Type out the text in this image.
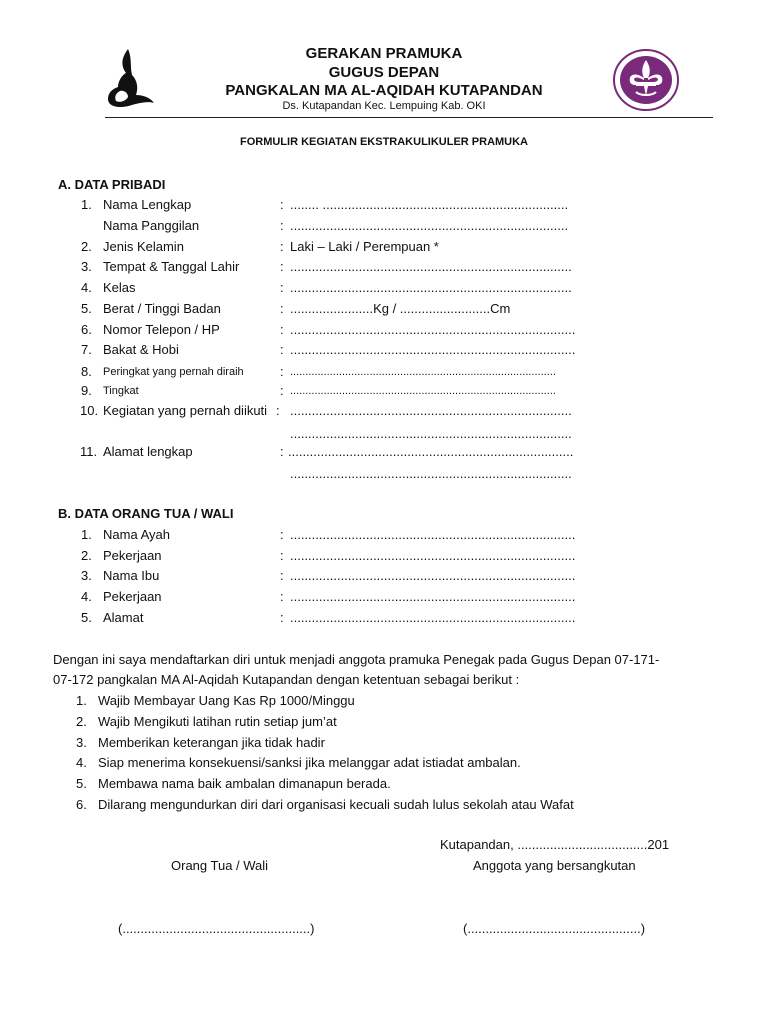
GERAKAN PRAMUKA
GUGUS DEPAN
PANGKALAN MA AL-AQIDAH KUTAPANDAN
Ds. Kutapandan Kec. Lempuing Kab. OKI
FORMULIR KEGIATAN EKSTRAKULIKULER PRAMUKA
A. DATA PRIBADI
1. Nama Lengkap	: ........ ....................................................................
Nama Panggilan	: .............................................................................
2. Jenis Kelamin	: Laki – Laki / Perempuan *
3. Tempat & Tanggal Lahir	: ..............................................................................
4. Kelas	: ..............................................................................
5. Berat / Tinggi Badan	: .......................Kg / .........................Cm
6. Nomor Telepon / HP	: ...............................................................................
7. Bakat & Hobi	: ...............................................................................
8. Peringkat yang pernah diraih	: .......................................................................................
9. Tingkat	: .......................................................................................
10. Kegiatan yang pernah diikuti : ..............................................................................
..............................................................................
11. Alamat lengkap	: ...............................................................................
..............................................................................
B. DATA ORANG TUA / WALI
1. Nama Ayah	: ...............................................................................
2. Pekerjaan	: ...............................................................................
3. Nama Ibu	: ...............................................................................
4. Pekerjaan	: ...............................................................................
5. Alamat	: ...............................................................................
Dengan ini saya mendaftarkan diri untuk menjadi anggota pramuka Penegak pada Gugus Depan 07-171-
07-172 pangkalan MA Al-Aqidah Kutapandan dengan ketentuan sebagai berikut :
1. Wajib Membayar Uang Kas Rp 1000/Minggu
2. Wajib Mengikuti latihan rutin setiap jum’at
3. Memberikan keterangan jika tidak hadir
4. Siap menerima konsekuensi/sanksi jika melanggar adat istiadat ambalan.
5. Membawa nama baik ambalan dimanapun berada.
6. Dilarang mengundurkan diri dari organisasi kecuali sudah lulus sekolah atau Wafat
Kutapandan, ....................................201
Orang Tua / Wali	Anggota yang bersangkutan
(....................................................)	(................................................)
